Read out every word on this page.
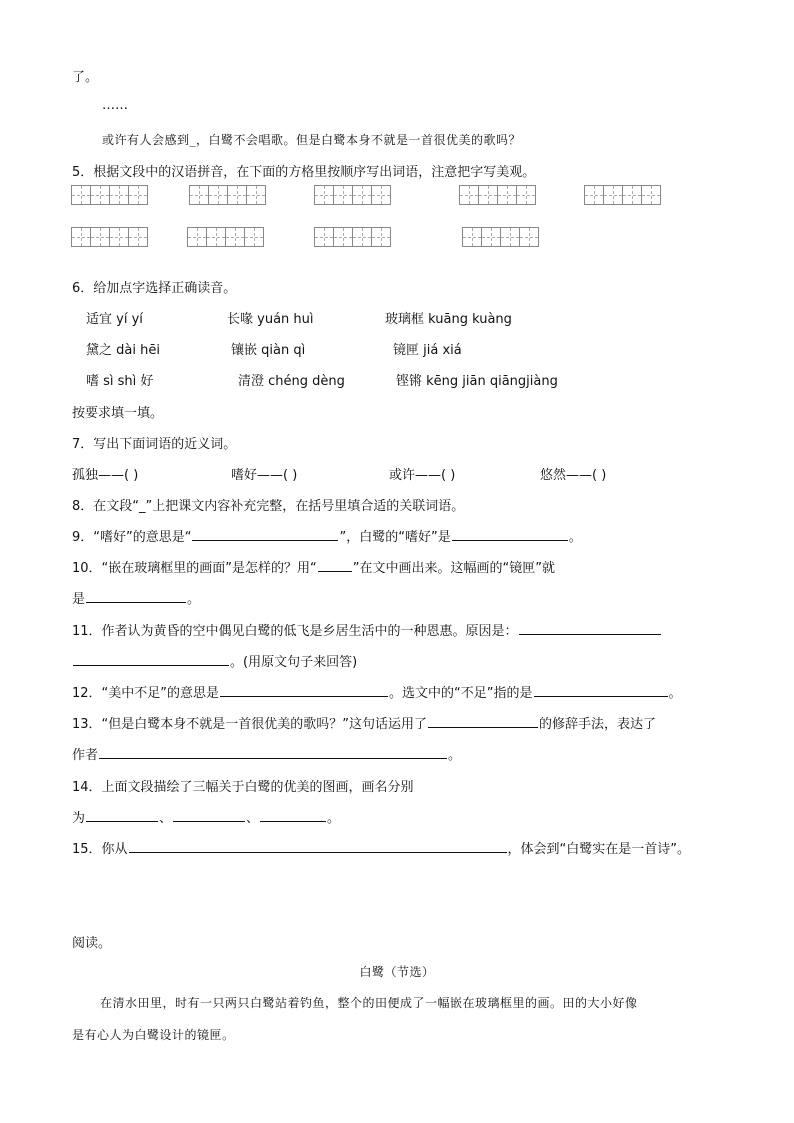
了。
……
或许有人会感到_，白鹭不会唱歌。但是白鹭本身不就是一首很优美的歌吗？
5．根据文段中的汉语拼音，在下面的方格里按顺序写出词语，注意把字写美观。
6．给加点字选择正确读音。
适宜 yí yí	长喙 yuán huì	玻璃框 kuāng kuàng
黛之 dài hēi	镶嵌 qiàn qì	镜匣 jiá xiá
嗜 sì shì 好	清澄 chéng dèng	铿锵 kēng jiān qiāngjiàng
按要求填一填。
7．写出下面词语的近义词。
孤独——( )	嗜好——( )	或许——( )	悠然——( )
8．在文段“_”上把课文内容补充完整，在括号里填合适的关联词语。
9．“嗜好”的意思是“	”，白鹭的“嗜好”是	。
10．“嵌在玻璃框里的画面”是怎样的？用“	”在文中画出来。这幅画的“镜匣”就
是	。
11．作者认为黄昏的空中偶见白鹭的低飞是乡居生活中的一种恩惠。原因是：
。(用原文句子来回答)
12．“美中不足”的意思是	。选文中的“不足”指的是	。
13．“但是白鹭本身不就是一首很优美的歌吗？”这句话运用了	的修辞手法，表达了
作者	。
14．上面文段描绘了三幅关于白鹭的优美的图画，画名分别
为	、	、	。
15．你从	，体会到“白鹭实在是一首诗”。
阅读。
白鹭（节选）
在清水田里，时有一只两只白鹭站着钓鱼，整个的田便成了一幅嵌在玻璃框里的画。田的大小好像
是有心人为白鹭设计的镜匣。
